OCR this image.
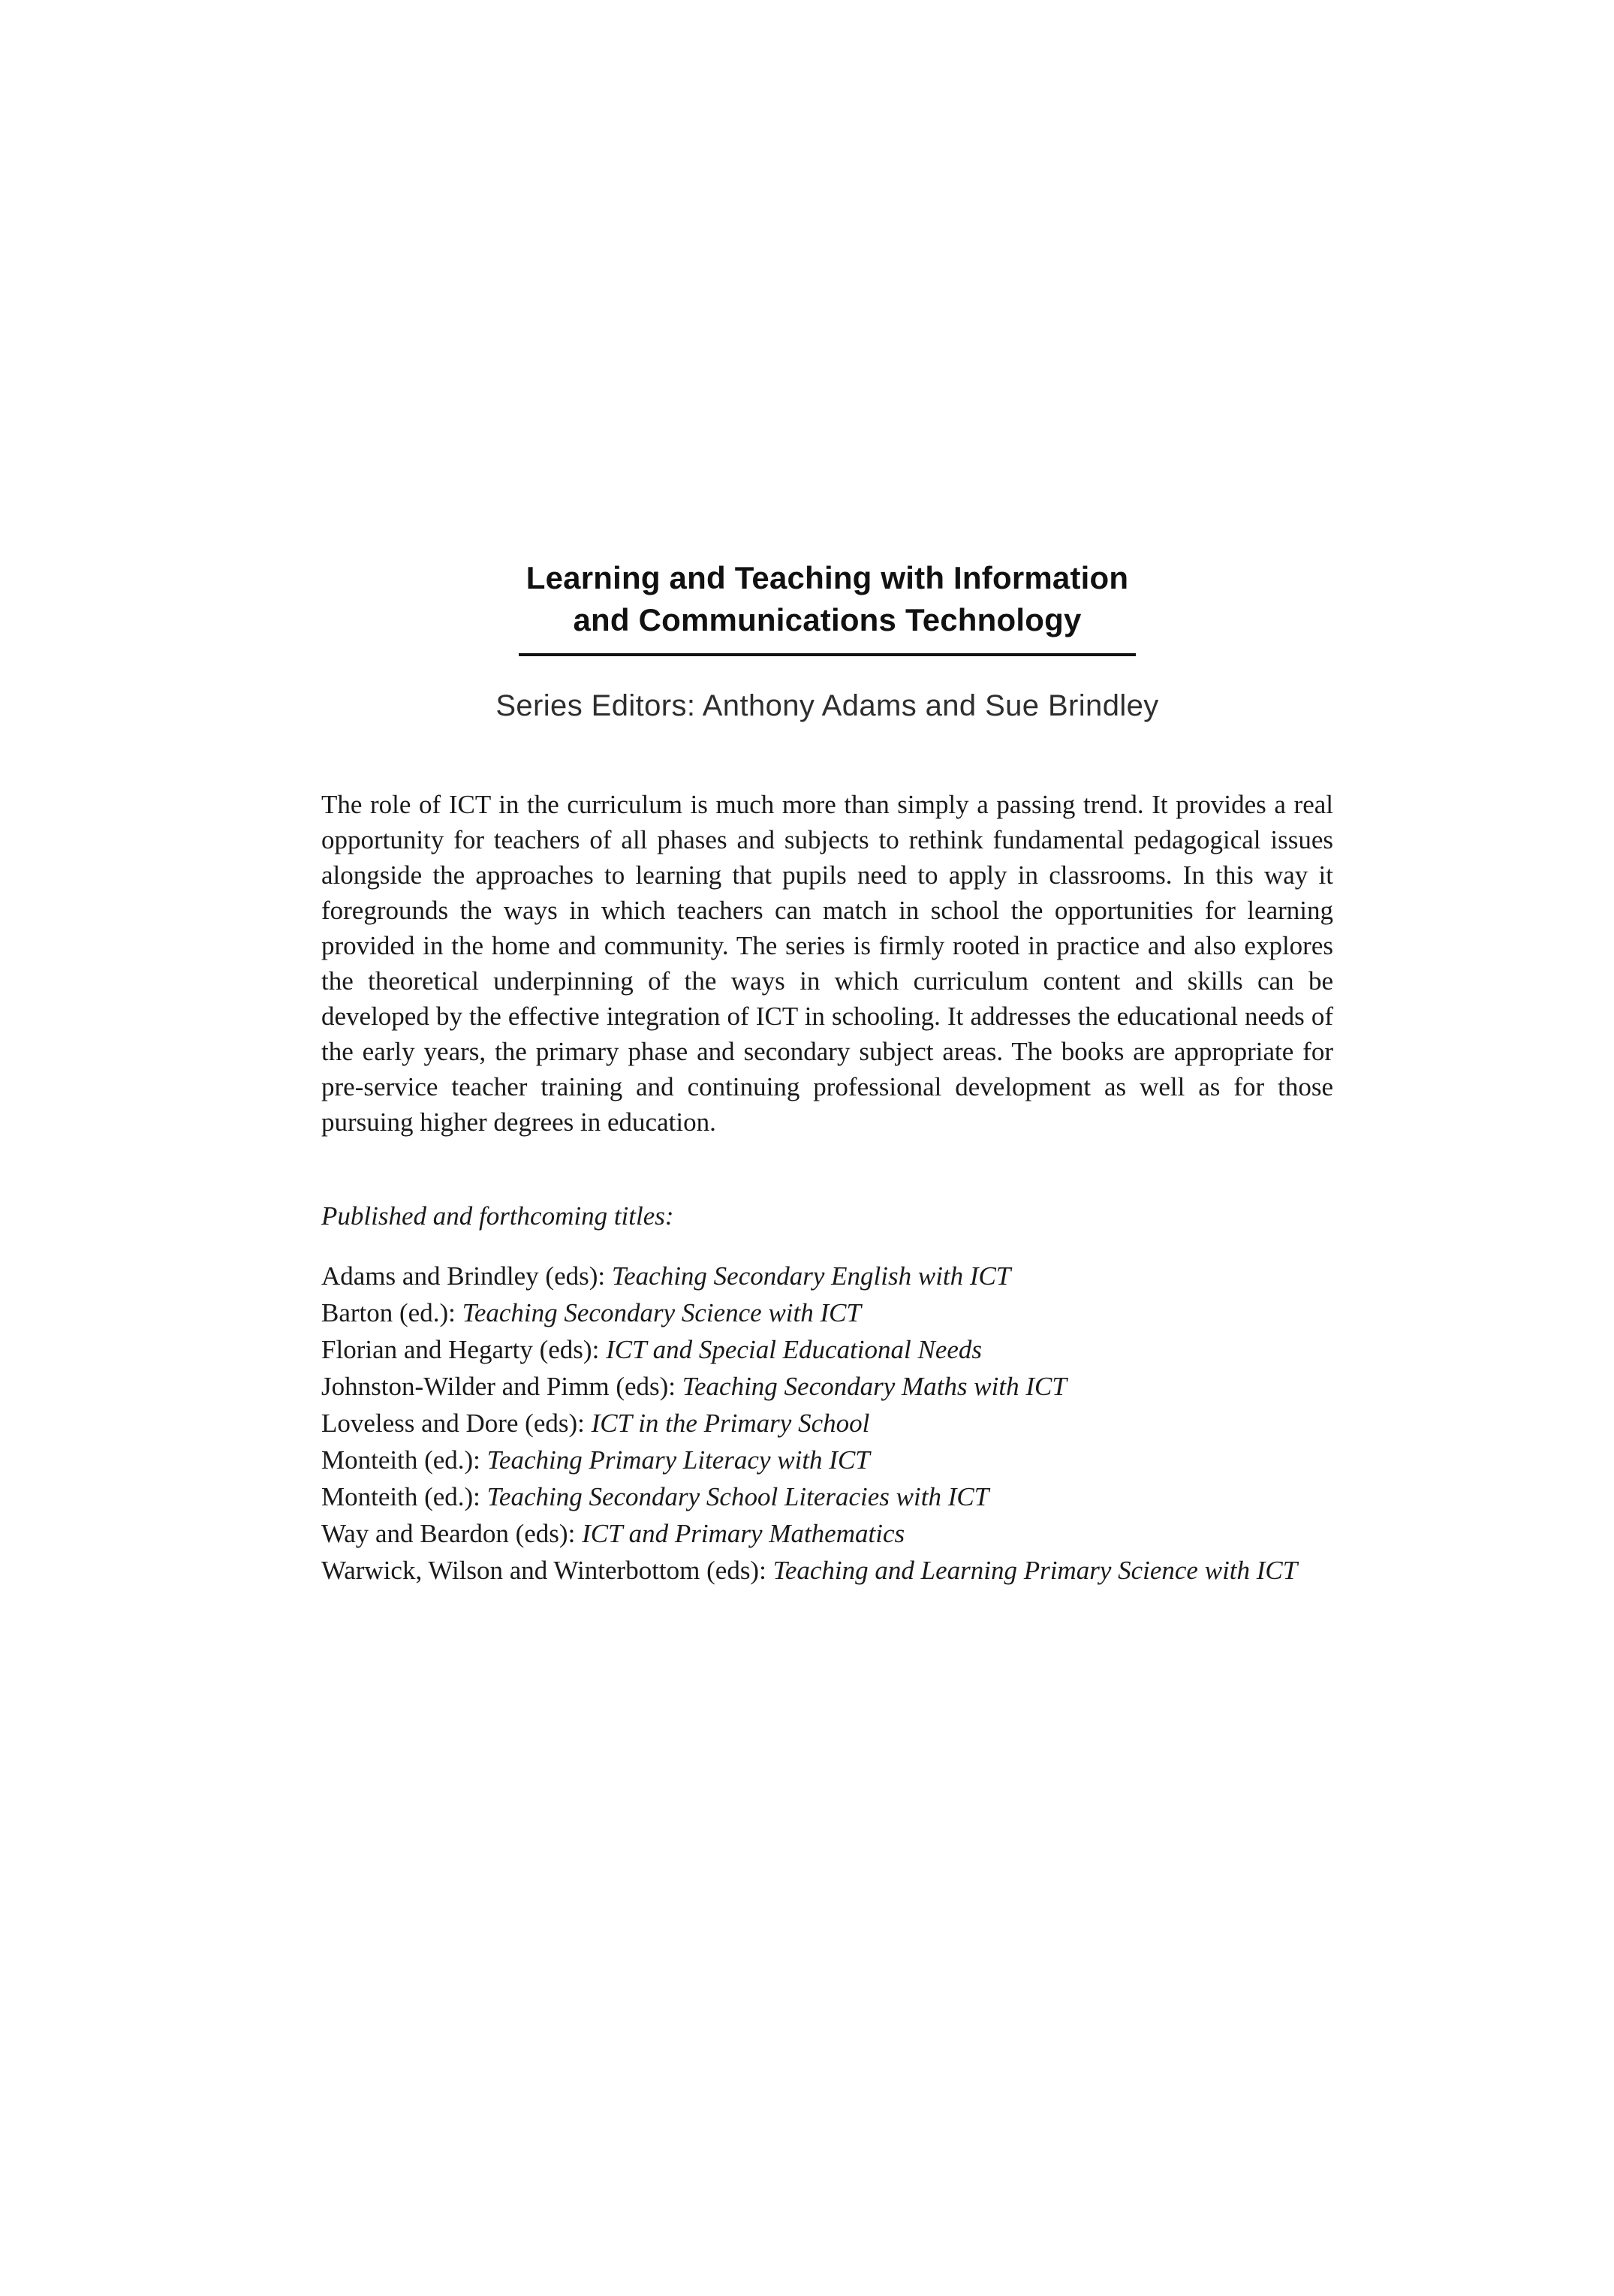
Learning and Teaching with Information
and Communications Technology
Series Editors: Anthony Adams and Sue Brindley
The role of ICT in the curriculum is much more than simply a passing trend. It provides a real opportunity for teachers of all phases and subjects to rethink fundamental pedagogical issues alongside the approaches to learning that pupils need to apply in classrooms. In this way it foregrounds the ways in which teachers can match in school the opportunities for learning provided in the home and community. The series is firmly rooted in practice and also explores the theoretical underpinning of the ways in which curriculum content and skills can be developed by the effective integration of ICT in schooling. It addresses the educational needs of the early years, the primary phase and secondary subject areas. The books are appropriate for pre-service teacher training and continuing professional development as well as for those pursuing higher degrees in education.
Published and forthcoming titles:
Adams and Brindley (eds): Teaching Secondary English with ICT
Barton (ed.): Teaching Secondary Science with ICT
Florian and Hegarty (eds): ICT and Special Educational Needs
Johnston-Wilder and Pimm (eds): Teaching Secondary Maths with ICT
Loveless and Dore (eds): ICT in the Primary School
Monteith (ed.): Teaching Primary Literacy with ICT
Monteith (ed.): Teaching Secondary School Literacies with ICT
Way and Beardon (eds): ICT and Primary Mathematics
Warwick, Wilson and Winterbottom (eds): Teaching and Learning Primary Science with ICT
